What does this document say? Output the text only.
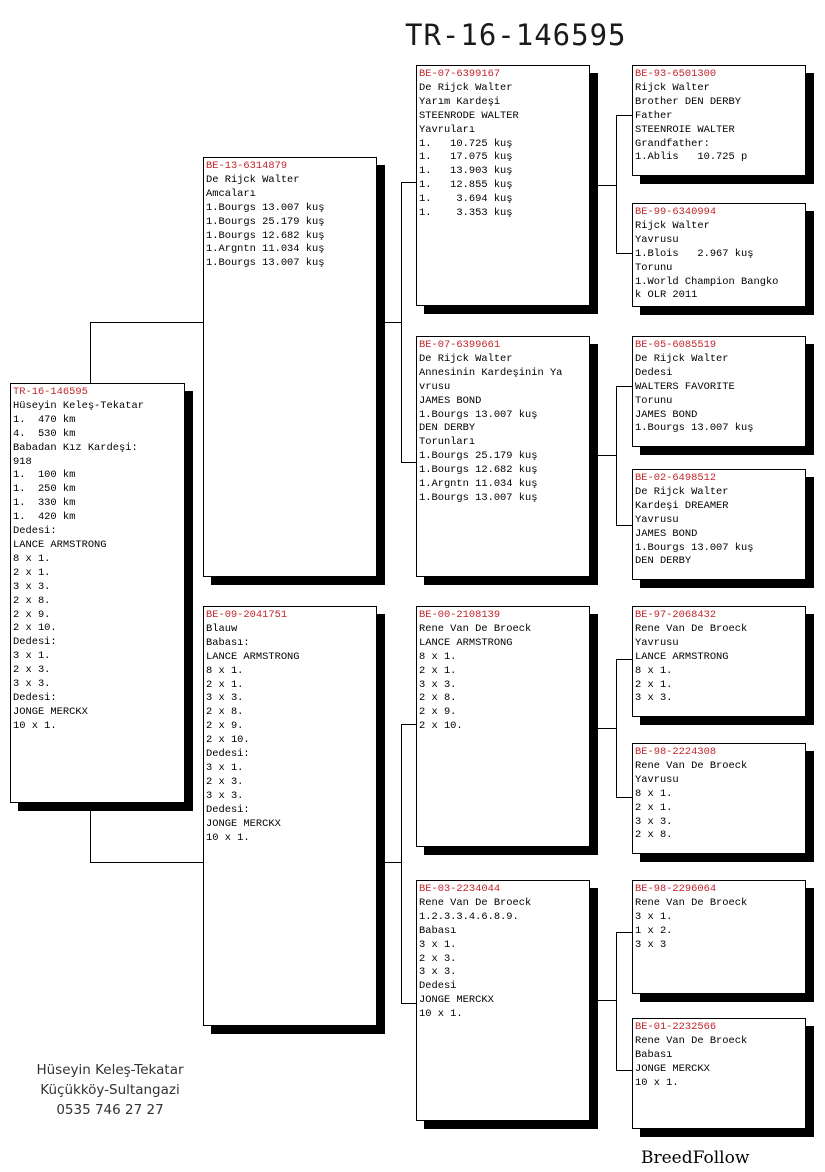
TR-16-146595
TR-16-146595
Hüseyin Keleş-Tekatar
1.  470 km
4.  530 km
Babadan Kız Kardeşi:
918
1.  100 km
1.  250 km
1.  330 km
1.  420 km
Dedesi:
LANCE ARMSTRONG
8 x 1.
2 x 1.
3 x 3.
2 x 8.
2 x 9.
2 x 10.
Dedesi:
3 x 1.
2 x 3.
3 x 3.
Dedesi:
JONGE MERCKX
10 x 1.
BE-13-6314879
De Rijck Walter
Amcaları
1.Bourgs 13.007 kuş
1.Bourgs 25.179 kuş
1.Bourgs 12.682 kuş
1.Argntn 11.034 kuş
1.Bourgs 13.007 kuş
BE-09-2041751
Blauw
Babası:
LANCE ARMSTRONG
8 x 1.
2 x 1.
3 x 3.
2 x 8.
2 x 9.
2 x 10.
Dedesi:
3 x 1.
2 x 3.
3 x 3.
Dedesi:
JONGE MERCKX
10 x 1.
BE-07-6399167
De Rijck Walter
Yarım Kardeşi
STEENRODE WALTER
Yavruları
1.   10.725 kuş
1.   17.075 kuş
1.   13.903 kuş
1.   12.855 kuş
1.    3.694 kuş
1.    3.353 kuş
BE-07-6399661
De Rijck Walter
Annesinin Kardeşinin Ya
vrusu
JAMES BOND
1.Bourgs 13.007 kuş
DEN DERBY
Torunları
1.Bourgs 25.179 kuş
1.Bourgs 12.682 kuş
1.Argntn 11.034 kuş
1.Bourgs 13.007 kuş
BE-00-2108139
Rene Van De Broeck
LANCE ARMSTRONG
8 x 1.
2 x 1.
3 x 3.
2 x 8.
2 x 9.
2 x 10.
BE-03-2234044
Rene Van De Broeck
1.2.3.3.4.6.8.9.
Babası
3 x 1.
2 x 3.
3 x 3.
Dedesi
JONGE MERCKX
10 x 1.
BE-93-6501300
Rijck Walter
Brother DEN DERBY
Father
STEENROIE WALTER
Grandfather:
1.Ablis   10.725 p
BE-99-6340994
Rijck Walter
Yavrusu
1.Blois   2.967 kuş
Torunu
1.World Champion Bangko
k OLR 2011
BE-05-6085519
De Rijck Walter
Dedesi
WALTERS FAVORITE
Torunu
JAMES BOND
1.Bourgs 13.007 kuş
BE-02-6498512
De Rijck Walter
Kardeşi DREAMER
Yavrusu
JAMES BOND
1.Bourgs 13.007 kuş
DEN DERBY
BE-97-2068432
Rene Van De Broeck
Yavrusu
LANCE ARMSTRONG
8 x 1.
2 x 1.
3 x 3.
BE-98-2224308
Rene Van De Broeck
Yavrusu
8 x 1.
2 x 1.
3 x 3.
2 x 8.
BE-98-2296064
Rene Van De Broeck
3 x 1.
1 x 2.
3 x 3
BE-01-2232566
Rene Van De Broeck
Babası
JONGE MERCKX
10 x 1.
Hüseyin Keleş-Tekatar
Küçükköy-Sultangazi
0535 746 27 27
BreedFollow
